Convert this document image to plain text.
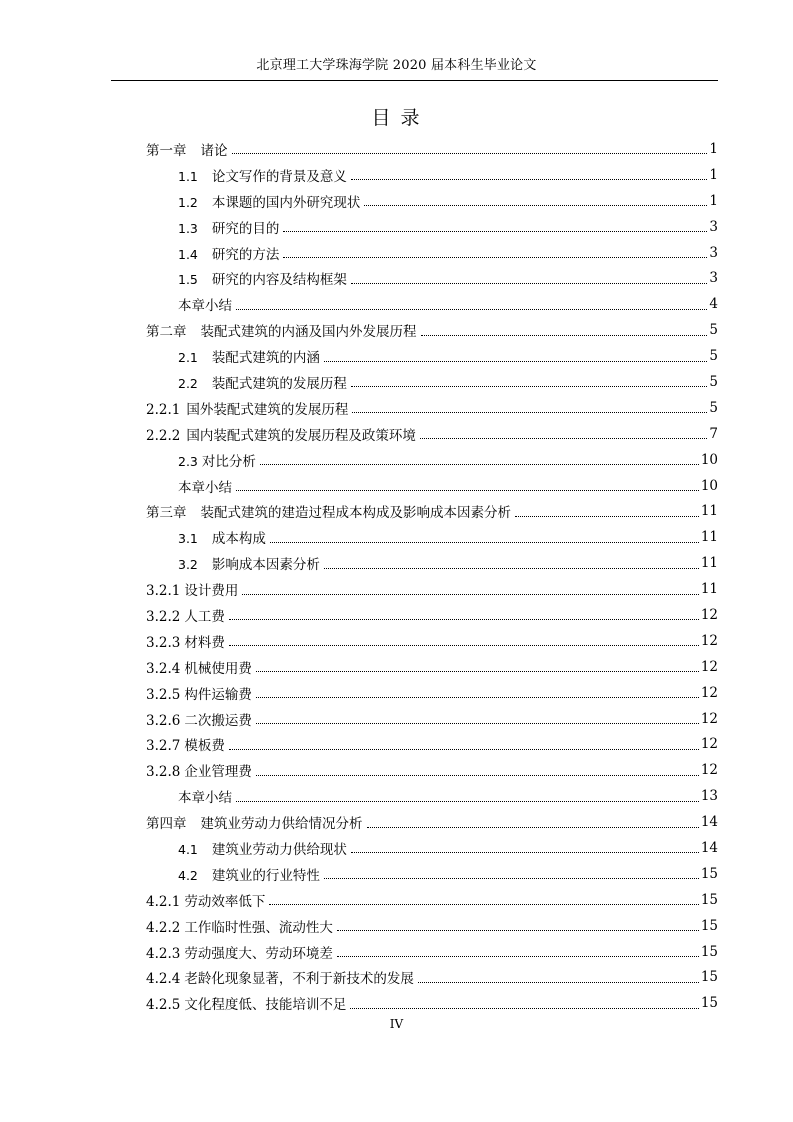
北京理工大学珠海学院 2020 届本科生毕业论文
目 录
第一章 诸论	1
1.1 论文写作的背景及意义	1
1.2 本课题的国内外研究现状	1
1.3 研究的目的	3
1.4 研究的方法	3
1.5 研究的内容及结构框架	3
本章小结	4
第二章 装配式建筑的内涵及国内外发展历程	5
2.1 装配式建筑的内涵	5
2.2 装配式建筑的发展历程	5
2.2.1 国外装配式建筑的发展历程	5
2.2.2 国内装配式建筑的发展历程及政策环境	7
2.3 对比分析	10
本章小结	10
第三章 装配式建筑的建造过程成本构成及影响成本因素分析	11
3.1 成本构成	11
3.2 影响成本因素分析	11
3.2.1 设计费用	11
3.2.2 人工费	12
3.2.3 材料费	12
3.2.4 机械使用费	12
3.2.5 构件运输费	12
3.2.6 二次搬运费	12
3.2.7 模板费	12
3.2.8 企业管理费	12
本章小结	13
第四章 建筑业劳动力供给情况分析	14
4.1 建筑业劳动力供给现状	14
4.2 建筑业的行业特性	15
4.2.1 劳动效率低下	15
4.2.2 工作临时性强、流动性大	15
4.2.3 劳动强度大、劳动环境差	15
4.2.4 老龄化现象显著，不利于新技术的发展	15
4.2.5 文化程度低、技能培训不足	15
IV
